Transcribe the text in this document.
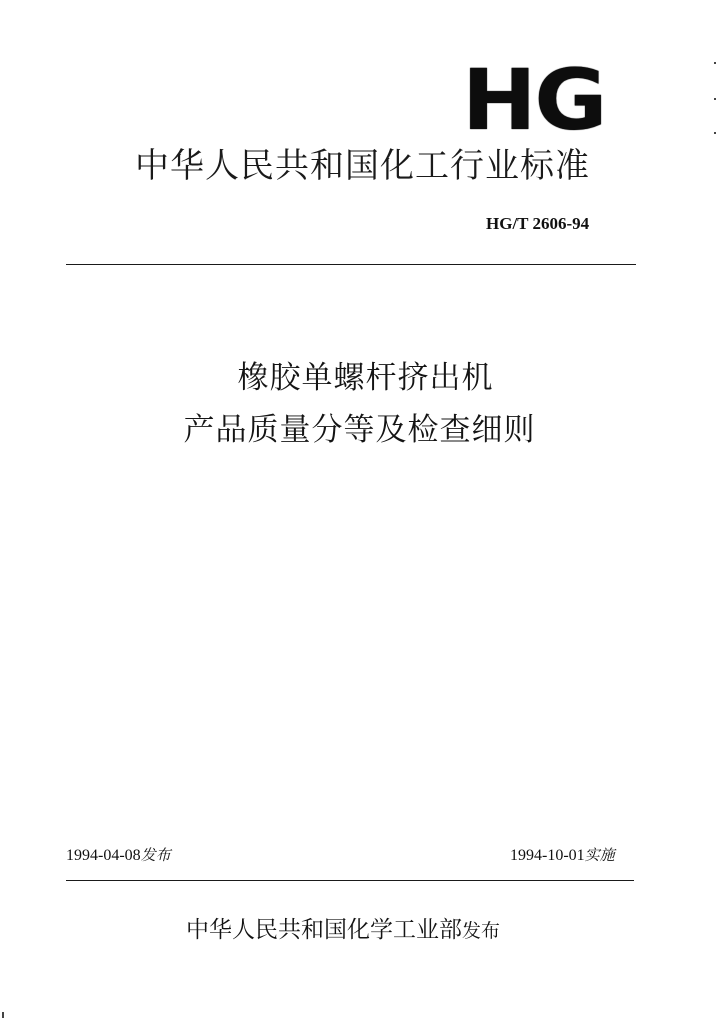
HG
中华人民共和国化工行业标准
HG/T 2606-94
橡胶单螺杆挤出机
产品质量分等及检查细则
1994-04-08发布	1994-10-01实施
中华人民共和国化学工业部发布
